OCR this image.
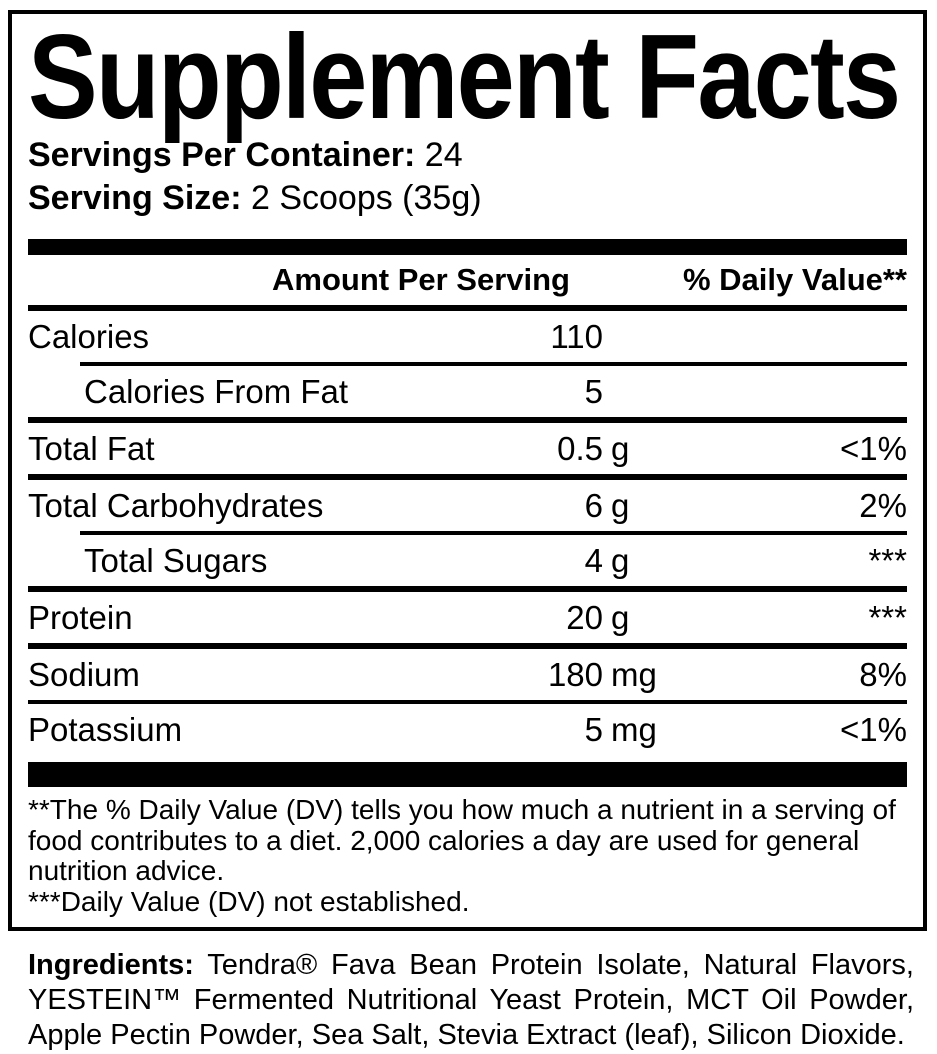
Supplement Facts
Servings Per Container: 24
Serving Size: 2 Scoops (35g)
Amount Per Serving	% Daily Value**
Calories	110
Calories From Fat	5
Total Fat	0.5 g	<1%
Total Carbohydrates	6 g	2%
Total Sugars	4 g	***
Protein	20 g	***
Sodium	180 mg	8%
Potassium	5 mg	<1%

**The % Daily Value (DV) tells you how much a nutrient in a serving of food contributes to a diet. 2,000 calories a day are used for general nutrition advice.

***Daily Value (DV) not established.

Ingredients: Tendra® Fava Bean Protein Isolate, Natural Flavors, YESTEIN™ Fermented Nutritional Yeast Protein, MCT Oil Powder, Apple Pectin Powder, Sea Salt, Stevia Extract (leaf), Silicon Dioxide.
